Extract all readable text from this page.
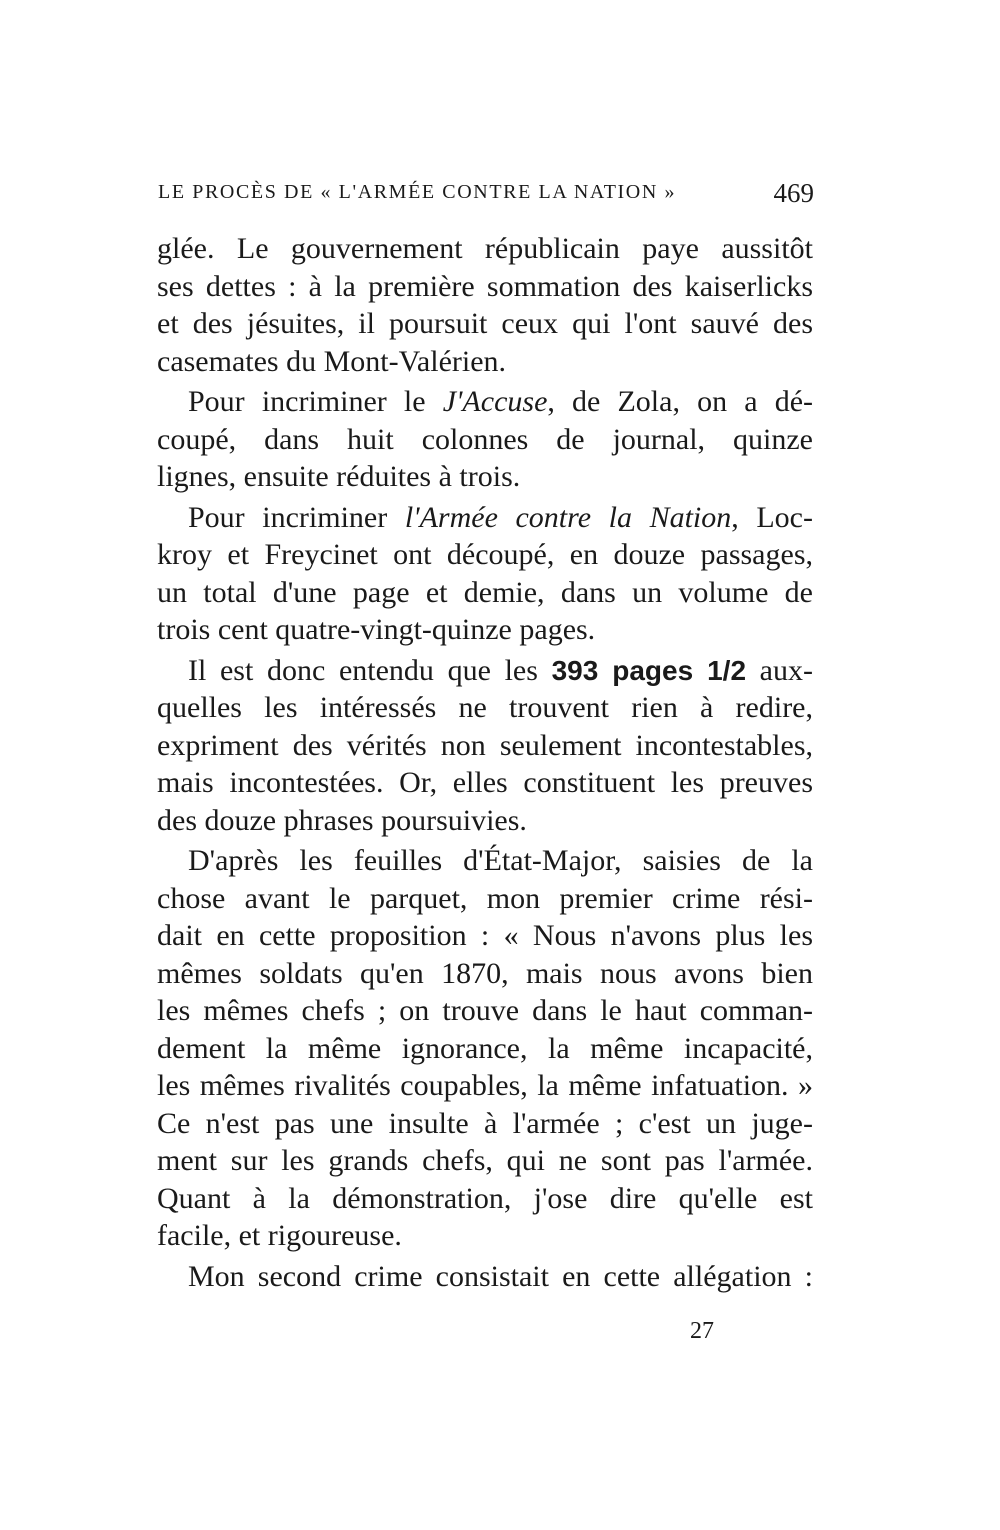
LE PROCÈS DE « L'ARMÉE CONTRE LA NATION »	469
glée. Le gouvernement républicain paye aussitôt
ses dettes : à la première sommation des kaiserlicks
et des jésuites, il poursuit ceux qui l'ont sauvé des
casemates du Mont-Valérien.
Pour incriminer le J'Accuse, de Zola, on a dé-
coupé, dans huit colonnes de journal, quinze
lignes, ensuite réduites à trois.
Pour incriminer l'Armée contre la Nation, Loc-
kroy et Freycinet ont découpé, en douze passages,
un total d'une page et demie, dans un volume de
trois cent quatre-vingt-quinze pages.
Il est donc entendu que les 393 pages 1/2 aux-
quelles les intéressés ne trouvent rien à redire,
expriment des vérités non seulement incontestables,
mais incontestées. Or, elles constituent les preuves
des douze phrases poursuivies.
D'après les feuilles d'État-Major, saisies de la
chose avant le parquet, mon premier crime rési-
dait en cette proposition : « Nous n'avons plus les
mêmes soldats qu'en 1870, mais nous avons bien
les mêmes chefs ; on trouve dans le haut comman-
dement la même ignorance, la même incapacité,
les mêmes rivalités coupables, la même infatuation. »
Ce n'est pas une insulte à l'armée ; c'est un juge-
ment sur les grands chefs, qui ne sont pas l'armée.
Quant à la démonstration, j'ose dire qu'elle est
facile, et rigoureuse.
Mon second crime consistait en cette allégation :
27
